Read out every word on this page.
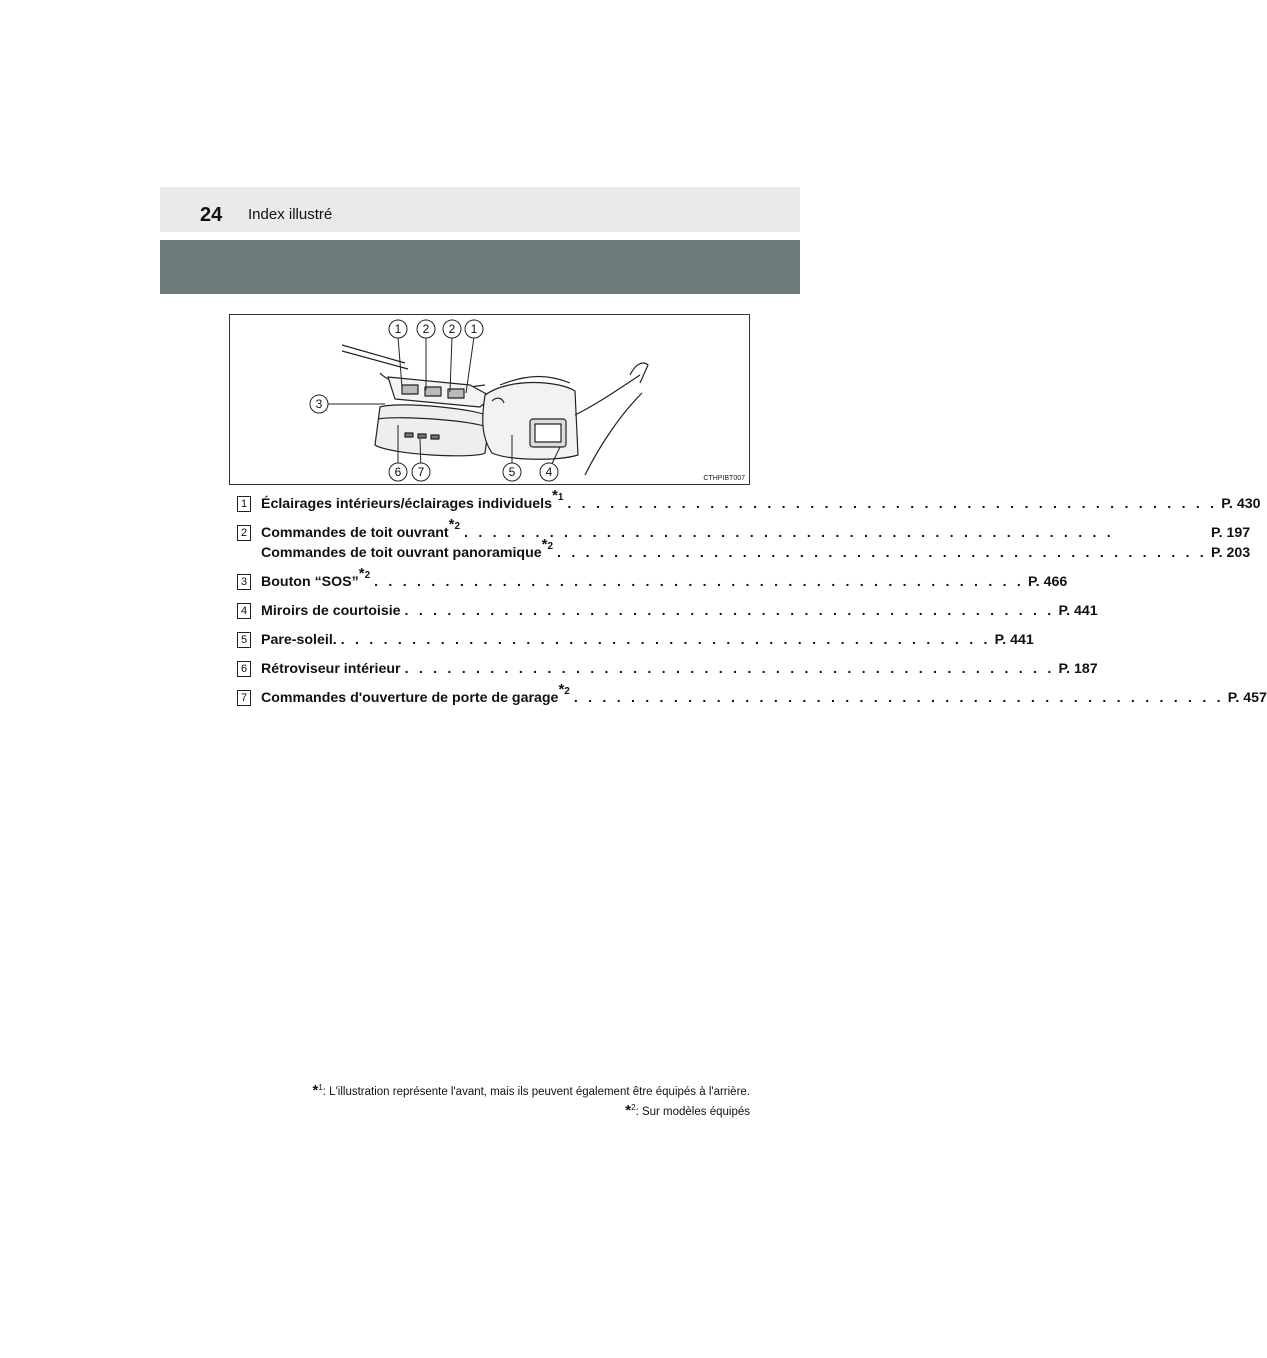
24 Index illustré
1 2 2 1
3
6 7	5	4	CTHPIBT007
1 Éclairages intérieurs/éclairages individuels$^{*1}$ . . . . . . . . . . . . . . . . . . . . . . . . . . . . . . . . . . . . . . . . . . . . . . P. 430
2 Commandes de toit ouvrant$^{*2}$ . . . . . . . . . . . . . . . . . . . . . . . . . . . . . . . . . . . . . . . . . . . . . .	P. 197
Commandes de toit ouvrant panoramique$^{*2}$ . . . . . . . . . . . . . . . . . . . . . . . . . . . . . . . . . . . . . . . . . . . . . . P. 203
3 Bouton “SOS”$^{*2}$ . . . . . . . . . . . . . . . . . . . . . . . . . . . . . . . . . . . . . . . . . . . . . . P. 466
4 Miroirs de courtoisie . . . . . . . . . . . . . . . . . . . . . . . . . . . . . . . . . . . . . . . . . . . . . . P. 441
5 Pare-soleil. . . . . . . . . . . . . . . . . . . . . . . . . . . . . . . . . . . . . . . . . . . . . . . P. 441
6 Rétroviseur intérieur . . . . . . . . . . . . . . . . . . . . . . . . . . . . . . . . . . . . . . . . . . . . . . P. 187
7 Commandes d'ouverture de porte de garage$^{*2}$ . . . . . . . . . . . . . . . . . . . . . . . . . . . . . . . . . . . . . . . . . . . . . . P. 457
*$^1$: L'illustration représente l'avant, mais ils peuvent également être équipés à l'arrière.
*$^2$: Sur modèles équipés
